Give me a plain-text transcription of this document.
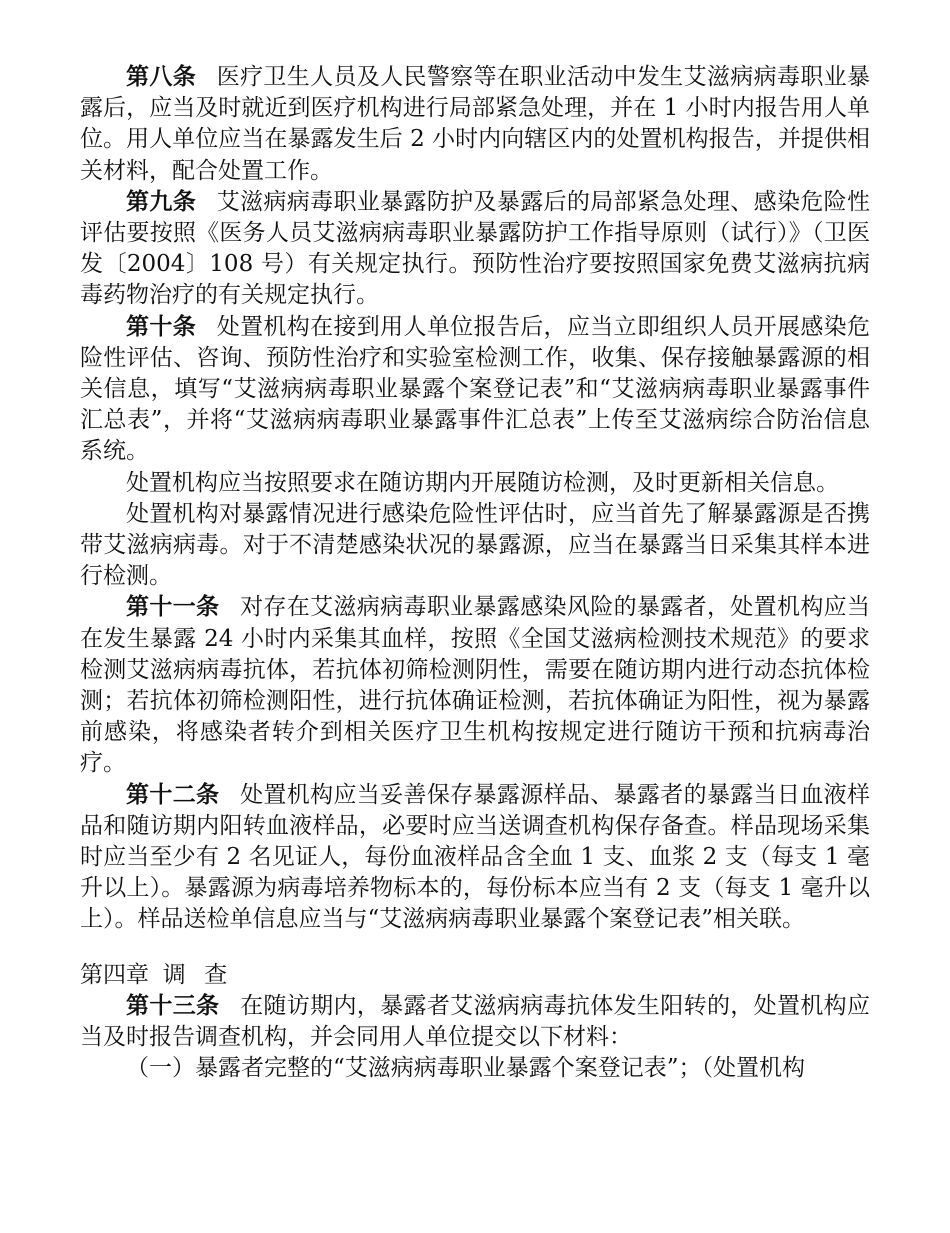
第八条 医疗卫生人员及人民警察等在职业活动中发生艾滋病病毒职业暴露后，应当及时就近到医疗机构进行局部紧急处理，并在 1 小时内报告用人单位。用人单位应当在暴露发生后 2 小时内向辖区内的处置机构报告，并提供相关材料，配合处置工作。

第九条 艾滋病病毒职业暴露防护及暴露后的局部紧急处理、感染危险性评估要按照《医务人员艾滋病病毒职业暴露防护工作指导原则（试行）》（卫医发〔2004〕108 号）有关规定执行。预防性治疗要按照国家免费艾滋病抗病毒药物治疗的有关规定执行。

第十条 处置机构在接到用人单位报告后，应当立即组织人员开展感染危险性评估、咨询、预防性治疗和实验室检测工作，收集、保存接触暴露源的相关信息，填写“艾滋病病毒职业暴露个案登记表”和“艾滋病病毒职业暴露事件汇总表”，并将“艾滋病病毒职业暴露事件汇总表”上传至艾滋病综合防治信息系统。

处置机构应当按照要求在随访期内开展随访检测，及时更新相关信息。

处置机构对暴露情况进行感染危险性评估时，应当首先了解暴露源是否携带艾滋病病毒。对于不清楚感染状况的暴露源，应当在暴露当日采集其样本进行检测。

第十一条 对存在艾滋病病毒职业暴露感染风险的暴露者，处置机构应当在发生暴露 24 小时内采集其血样，按照《全国艾滋病检测技术规范》的要求检测艾滋病病毒抗体，若抗体初筛检测阴性，需要在随访期内进行动态抗体检测；若抗体初筛检测阳性，进行抗体确证检测，若抗体确证为阳性，视为暴露前感染，将感染者转介到相关医疗卫生机构按规定进行随访干预和抗病毒治疗。

第十二条 处置机构应当妥善保存暴露源样品、暴露者的暴露当日血液样品和随访期内阳转血液样品，必要时应当送调查机构保存备查。样品现场采集时应当至少有 2 名见证人，每份血液样品含全血 1 支、血浆 2 支（每支 1 毫升以上）。暴露源为病毒培养物标本的，每份标本应当有 2 支（每支 1 毫升以上）。样品送检单信息应当与“艾滋病病毒职业暴露个案登记表”相关联。

第四章 调 查

第十三条 在随访期内，暴露者艾滋病病毒抗体发生阳转的，处置机构应当及时报告调查机构，并会同用人单位提交以下材料：

（一）暴露者完整的“艾滋病病毒职业暴露个案登记表”；（处置机构
